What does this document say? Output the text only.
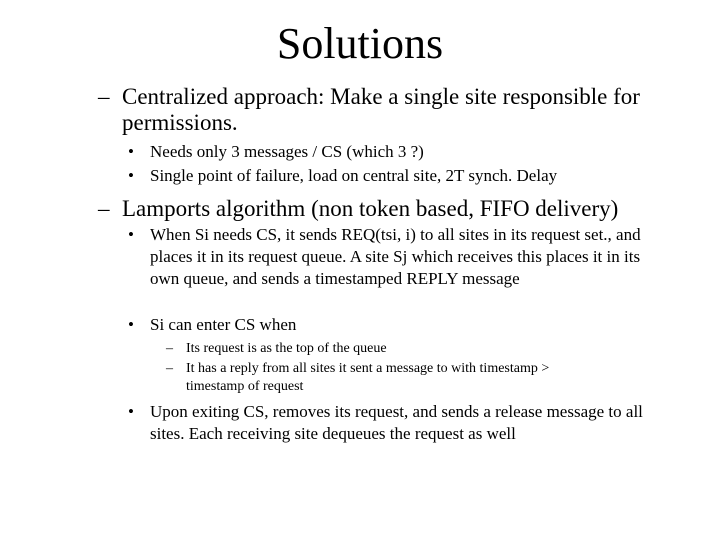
Solutions
– Centralized approach: Make a single site responsible for permissions.
• Needs only 3 messages / CS (which 3 ?)
• Single point of failure, load on central site, 2T synch. Delay
– Lamports algorithm (non token based, FIFO delivery)
• When Si needs CS, it sends REQ(tsi, i) to all sites in its request set., and places it in its request queue. A site Sj which receives this places it in its own queue, and sends a timestamped REPLY message
• Si can enter CS when
– Its request is as the top of the queue
– It has a reply from all sites it sent a message to with timestamp > timestamp of request
• Upon exiting CS, removes its request, and sends a release message to all sites. Each receiving site dequeues the request as well
